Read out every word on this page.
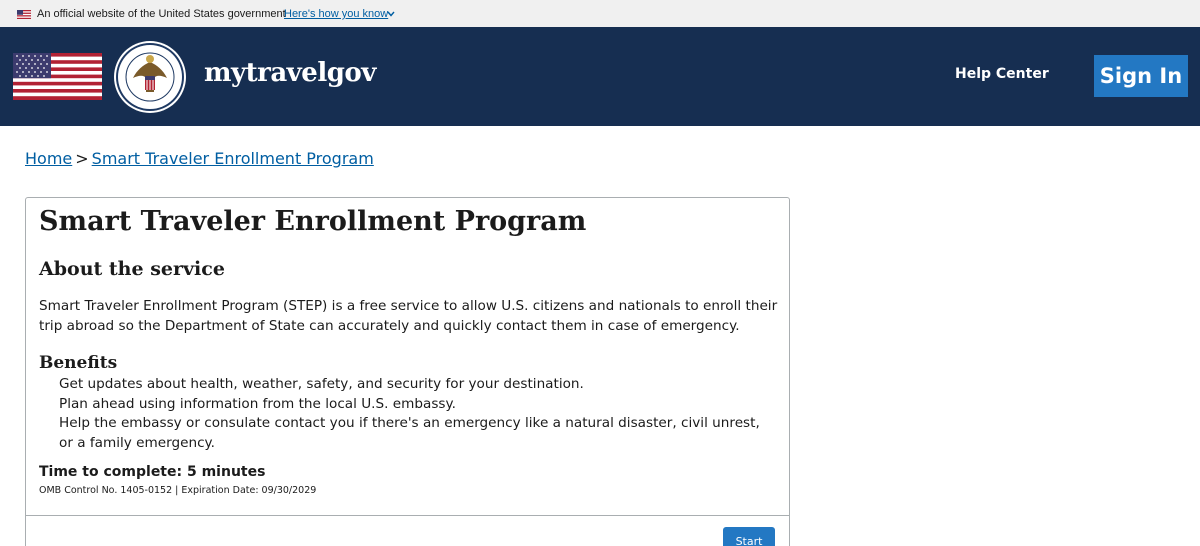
An official website of the United States government
Here's how you know
mytravelgov	Help Center Sign In
Home > Smart Traveler Enrollment Program
Smart Traveler Enrollment Program
About the service

Smart Traveler Enrollment Program (STEP) is a free service to allow U.S. citizens and nationals to enroll their trip abroad so the Department of State can accurately and quickly contact them in case of emergency.

Benefits
Get updates about health, weather, safety, and security for your destination.
Plan ahead using information from the local U.S. embassy.
Help the embassy or consulate contact you if there's an emergency like a natural disaster, civil unrest, or a family emergency.
Time to complete: 5 minutes
OMB Control No. 1405-0152 | Expiration Date: 09/30/2029
Start
